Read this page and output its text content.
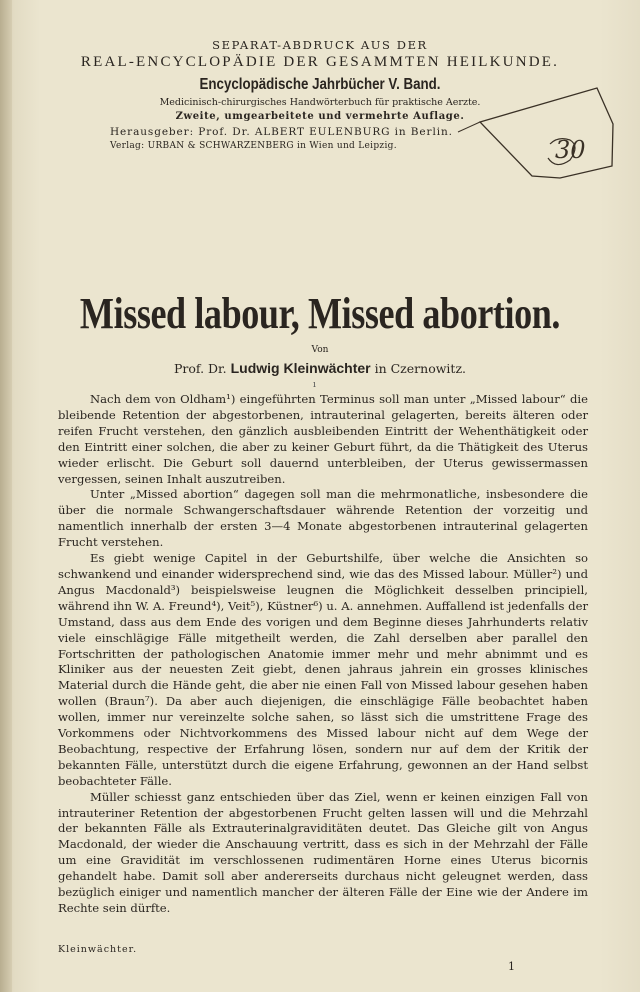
SEPARAT-ABDRUCK AUS DER
REAL-ENCYCLOPÄDIE DER GESAMMTEN HEILKUNDE.
Encyclopädische Jahrbücher V. Band.
Medicinisch-chirurgisches Handwörterbuch für praktische Aerzte.
Zweite, umgearbeitete und vermehrte Auflage.
Herausgeber: Prof. Dr. ALBERT EULENBURG in Berlin.
Verlag: URBAN & SCHWARZENBERG in Wien und Leipzig.	30
Missed labour, Missed abortion.
Von
Prof. Dr. Ludwig Kleinwächter in Czernowitz.
ı

Nach dem von Oldham¹) eingeführten Terminus soll man unter „Missed labour“ die bleibende Retention der abgestorbenen, intrauterinal gelagerten, bereits älteren oder reifen Frucht verstehen, den gänzlich ausbleibenden Eintritt der Wehenthätigkeit oder den Eintritt einer solchen, die aber zu keiner Geburt führt, da die Thätigkeit des Uterus wieder erlischt. Die Geburt soll dauernd unterbleiben, der Uterus gewissermassen vergessen, seinen Inhalt auszutreiben.

Unter „Missed abortion“ dagegen soll man die mehrmonatliche, insbesondere die über die normale Schwangerschaftsdauer währende Retention der vorzeitig und namentlich innerhalb der ersten 3—4 Monate abgestorbenen intrauterinal gelagerten Frucht verstehen.

Es giebt wenige Capitel in der Geburtshilfe, über welche die Ansichten so schwankend und einander widersprechend sind, wie das des Missed labour. Müller²) und Angus Macdonald³) beispielsweise leugnen die Möglichkeit desselben principiell, während ihn W. A. Freund⁴), Veit⁵), Küstner⁶) u. A. annehmen. Auffallend ist jedenfalls der Umstand, dass aus dem Ende des vorigen und dem Beginne dieses Jahrhunderts relativ viele einschlägige Fälle mitgetheilt werden, die Zahl derselben aber parallel den Fortschritten der pathologischen Anatomie immer mehr und mehr abnimmt und es Kliniker aus der neuesten Zeit giebt, denen jahraus jahrein ein grosses klinisches Material durch die Hände geht, die aber nie einen Fall von Missed labour gesehen haben wollen (Braun⁷). Da aber auch diejenigen, die einschlägige Fälle beobachtet haben wollen, immer nur vereinzelte solche sahen, so lässt sich die umstrittene Frage des Vorkommens oder Nichtvorkommens des Missed labour nicht auf dem Wege der Beobachtung, respective der Erfahrung lösen, sondern nur auf dem der Kritik der bekannten Fälle, unterstützt durch die eigene Erfahrung, gewonnen an der Hand selbst beobachteter Fälle.

Müller schiesst ganz entschieden über das Ziel, wenn er keinen einzigen Fall von intrauteriner Retention der abgestorbenen Frucht gelten lassen will und die Mehrzahl der bekannten Fälle als Extrauterinalgraviditäten deutet. Das Gleiche gilt von Angus Macdonald, der wieder die Anschauung vertritt, dass es sich in der Mehrzahl der Fälle um eine Gravidität im verschlossenen rudimentären Horne eines Uterus bicornis gehandelt habe. Damit soll aber andererseits durchaus nicht geleugnet werden, dass bezüglich einiger und namentlich mancher der älteren Fälle der Eine wie der Andere im Rechte sein dürfte.

Kleinwächter.
1
